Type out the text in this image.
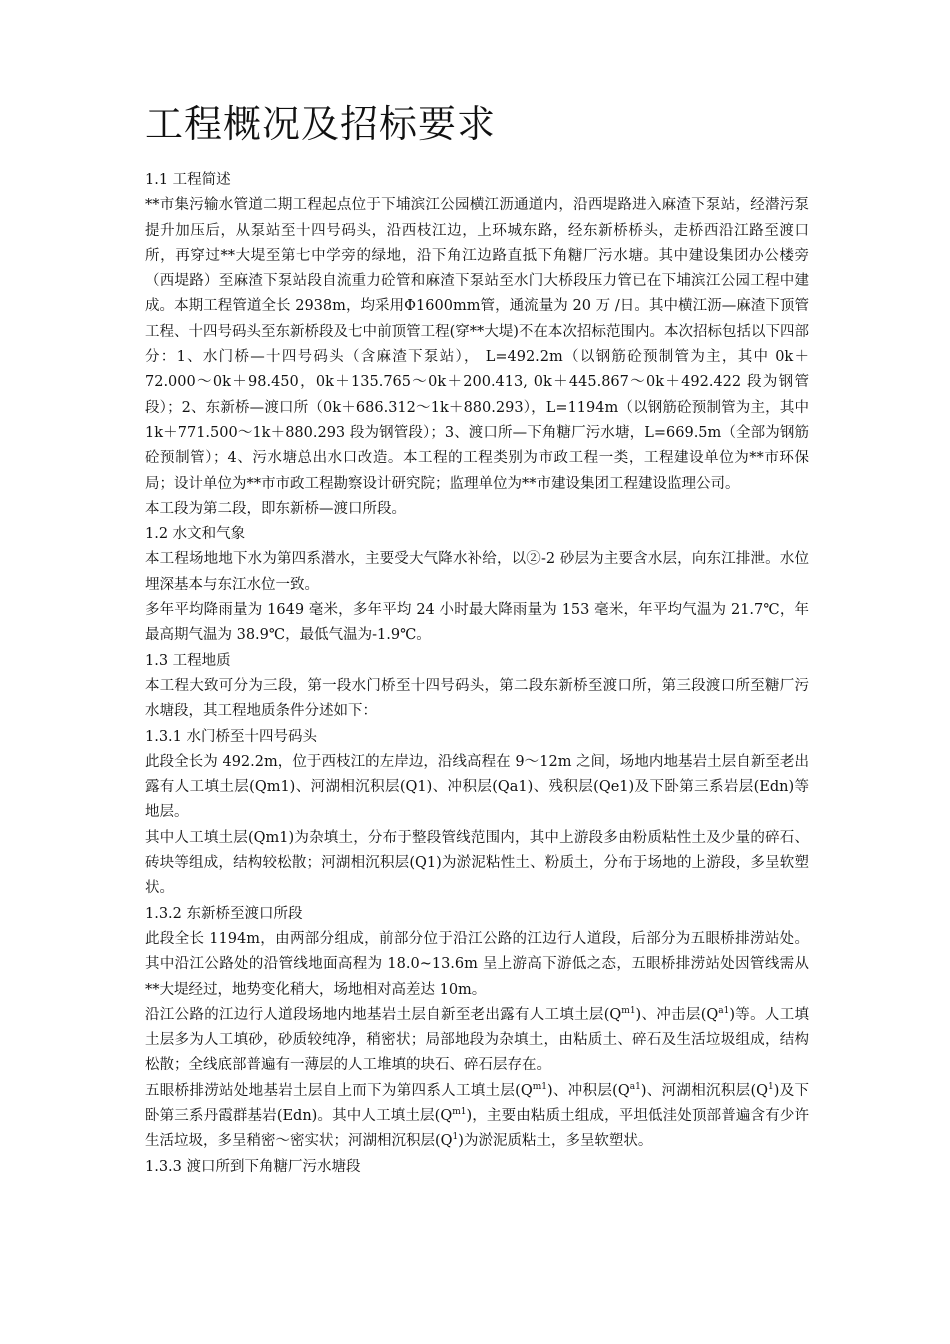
工程概况及招标要求
1.1 工程简述

**市集污输水管道二期工程起点位于下埔滨江公园横江沥通道内，沿西堤路进入麻渣下泵站，经潜污泵提升加压后，从泵站至十四号码头，沿西枝江边，上环城东路，经东新桥桥头，走桥西沿江路至渡口所，再穿过**大堤至第七中学旁的绿地，沿下角江边路直抵下角糖厂污水塘。其中建设集团办公楼旁（西堤路）至麻渣下泵站段自流重力砼管和麻渣下泵站至水门大桥段压力管已在下埔滨江公园工程中建成。本期工程管道全长 2938m，均采用Φ1600mm管，通流量为 20 万 /日。其中横江沥—麻渣下顶管工程、十四号码头至东新桥段及七中前顶管工程(穿**大堤)不在本次招标范围内。本次招标包括以下四部分：1、水门桥—十四号码头（含麻渣下泵站）， L=492.2m（以钢筋砼预制管为主，其中 0k＋72.000～0k＋98.450，0k＋135.765～0k＋200.413, 0k＋445.867～0k＋492.422 段为钢管段）；2、东新桥—渡口所（0k＋686.312～1k＋880.293），L=1194m（以钢筋砼预制管为主，其中 1k＋771.500～1k＋880.293 段为钢管段）；3、渡口所—下角糖厂污水塘，L=669.5m（全部为钢筋砼预制管）；4、污水塘总出水口改造。本工程的工程类别为市政工程一类，工程建设单位为**市环保局；设计单位为**市市政工程勘察设计研究院；监理单位为**市建设集团工程建设监理公司。

本工段为第二段，即东新桥—渡口所段。

1.2 水文和气象

本工程场地地下水为第四系潜水，主要受大气降水补给，以②-2 砂层为主要含水层，向东江排泄。水位埋深基本与东江水位一致。

多年平均降雨量为 1649 毫米，多年平均 24 小时最大降雨量为 153 毫米，年平均气温为 21.7℃，年最高期气温为 38.9℃，最低气温为-1.9℃。

1.3 工程地质

本工程大致可分为三段，第一段水门桥至十四号码头，第二段东新桥至渡口所，第三段渡口所至糖厂污水塘段，其工程地质条件分述如下：

1.3.1 水门桥至十四号码头

此段全长为 492.2m，位于西枝江的左岸边，沿线高程在 9～12m 之间，场地内地基岩土层自新至老出露有人工填土层(Qm1)、河湖相沉积层(Q1)、冲积层(Qa1)、残积层(Qe1)及下卧第三系岩层(Edn)等地层。

其中人工填土层(Qm1)为杂填土，分布于整段管线范围内，其中上游段多由粉质粘性土及少量的碎石、砖块等组成，结构较松散；河湖相沉积层(Q1)为淤泥粘性土、粉质土，分布于场地的上游段，多呈软塑状。

1.3.2 东新桥至渡口所段

此段全长 1194m，由两部分组成，前部分位于沿江公路的江边行人道段，后部分为五眼桥排涝站处。其中沿江公路处的沿管线地面高程为 18.0~13.6m 呈上游高下游低之态，五眼桥排涝站处因管线需从**大堤经过，地势变化稍大，场地相对高差达 10m。

沿江公路的江边行人道段场地内地基岩土层自新至老出露有人工填土层$(Q^{m1})$、冲击层$(Q^{a1})$等。人工填土层多为人工填砂，砂质较纯净，稍密状；局部地段为杂填土，由粘质土、碎石及生活垃圾组成，结构松散；全线底部普遍有一薄层的人工堆填的块石、碎石层存在。

五眼桥排涝站处地基岩土层自上而下为第四系人工填土层$(Q^{m1})$、冲积层$(Q^{a1})$、河湖相沉积层$(Q^1)$及下卧第三系丹霞群基岩(Edn)。其中人工填土层$(Q^{m1})$，主要由粘质土组成，平坦低洼处顶部普遍含有少许生活垃圾，多呈稍密～密实状；河湖相沉积层$(Q^1)$为淤泥质粘土，多呈软塑状。

1.3.3 渡口所到下角糖厂污水塘段
